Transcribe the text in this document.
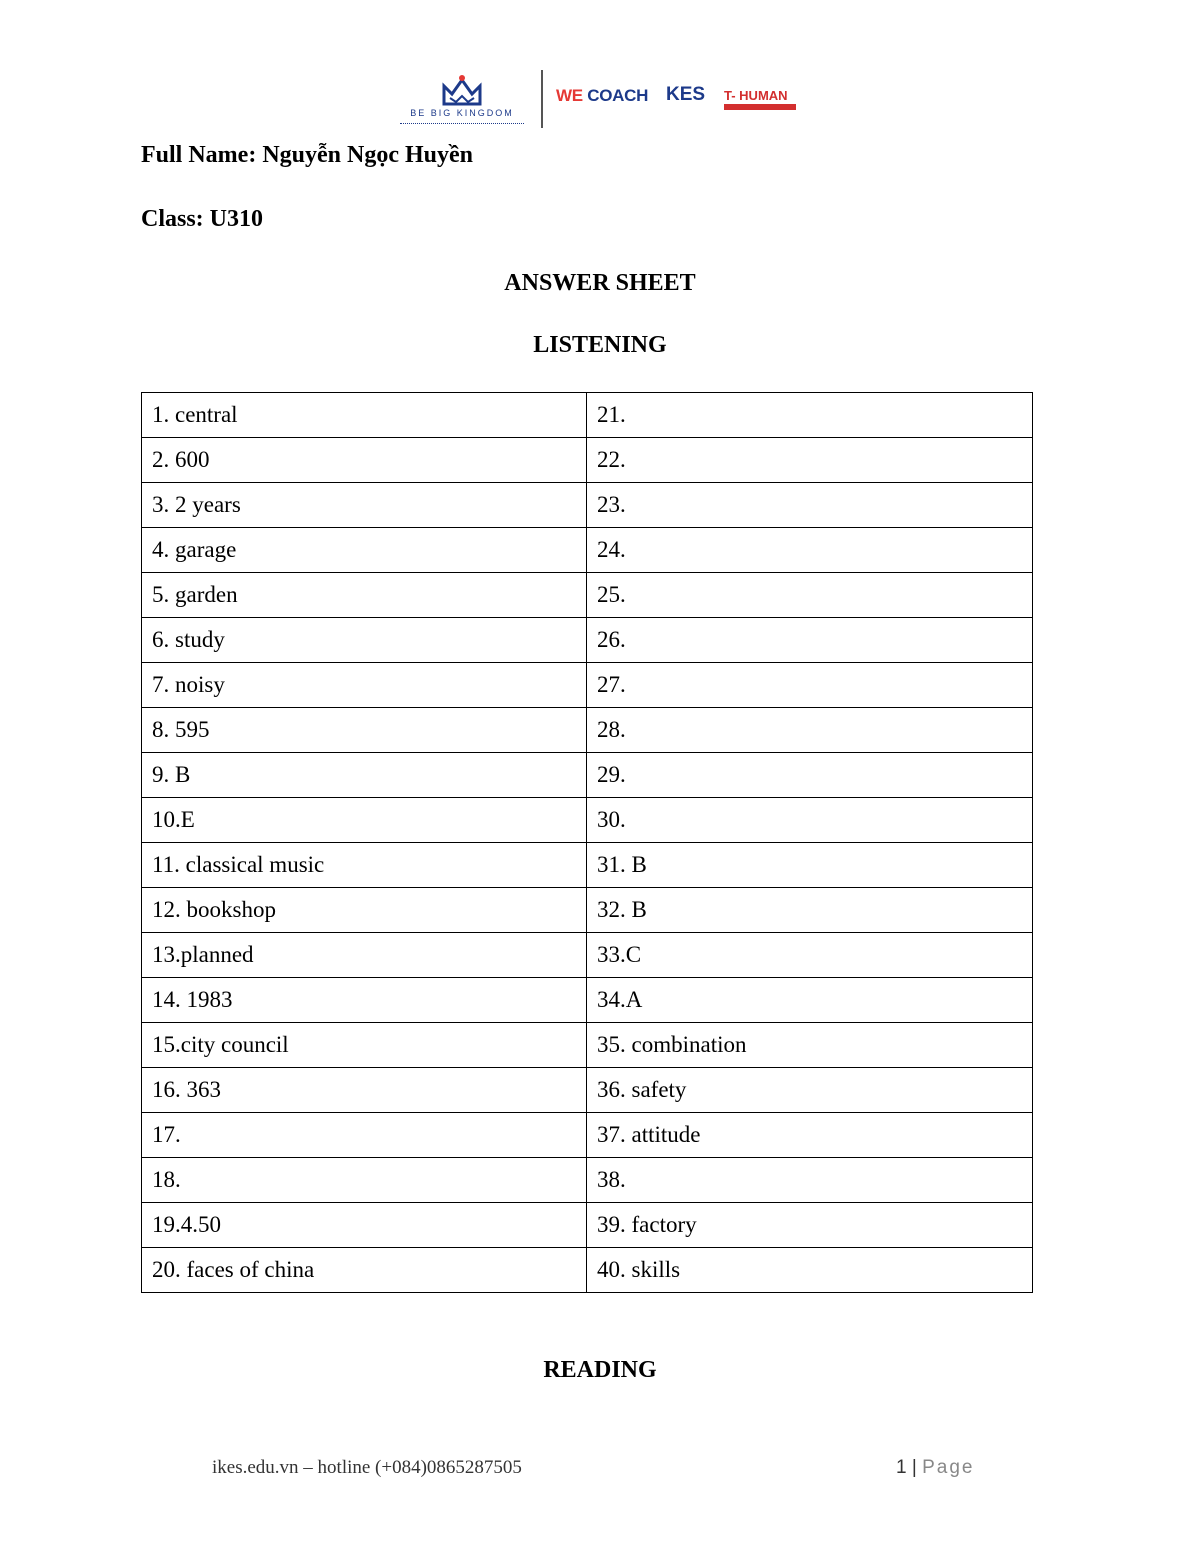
BE BIG KINGDOM
WE COACH KES T- HUMAN
Full Name: Nguyễn Ngọc Huyền
Class: U310
ANSWER SHEET
LISTENING
1. central	21.
2. 600	22.
3. 2 years	23.
4. garage	24.
5. garden	25.
6. study	26.
7. noisy	27.
8. 595	28.
9. B	29.
10.E	30.
11. classical music	31. B
12. bookshop	32. B
13.planned	33.C
14. 1983	34.A
15.city council	35. combination
16. 363	36. safety
17.	37. attitude
18.	38.
19.4.50	39. factory
20. faces of china	40. skills
READING
ikes.edu.vn – hotline (+084)0865287505	1 | Page
